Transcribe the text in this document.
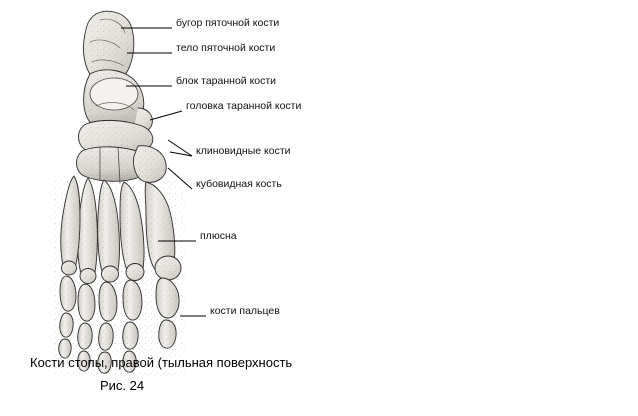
бугор пяточной кости
тело пяточной кости
блок таранной кости
головка таранной кости
клиновидные кости
кубовидная кость
плюсна
кости пальцев
Кости стопы, правой (тыльная поверхность
Рис. 24
